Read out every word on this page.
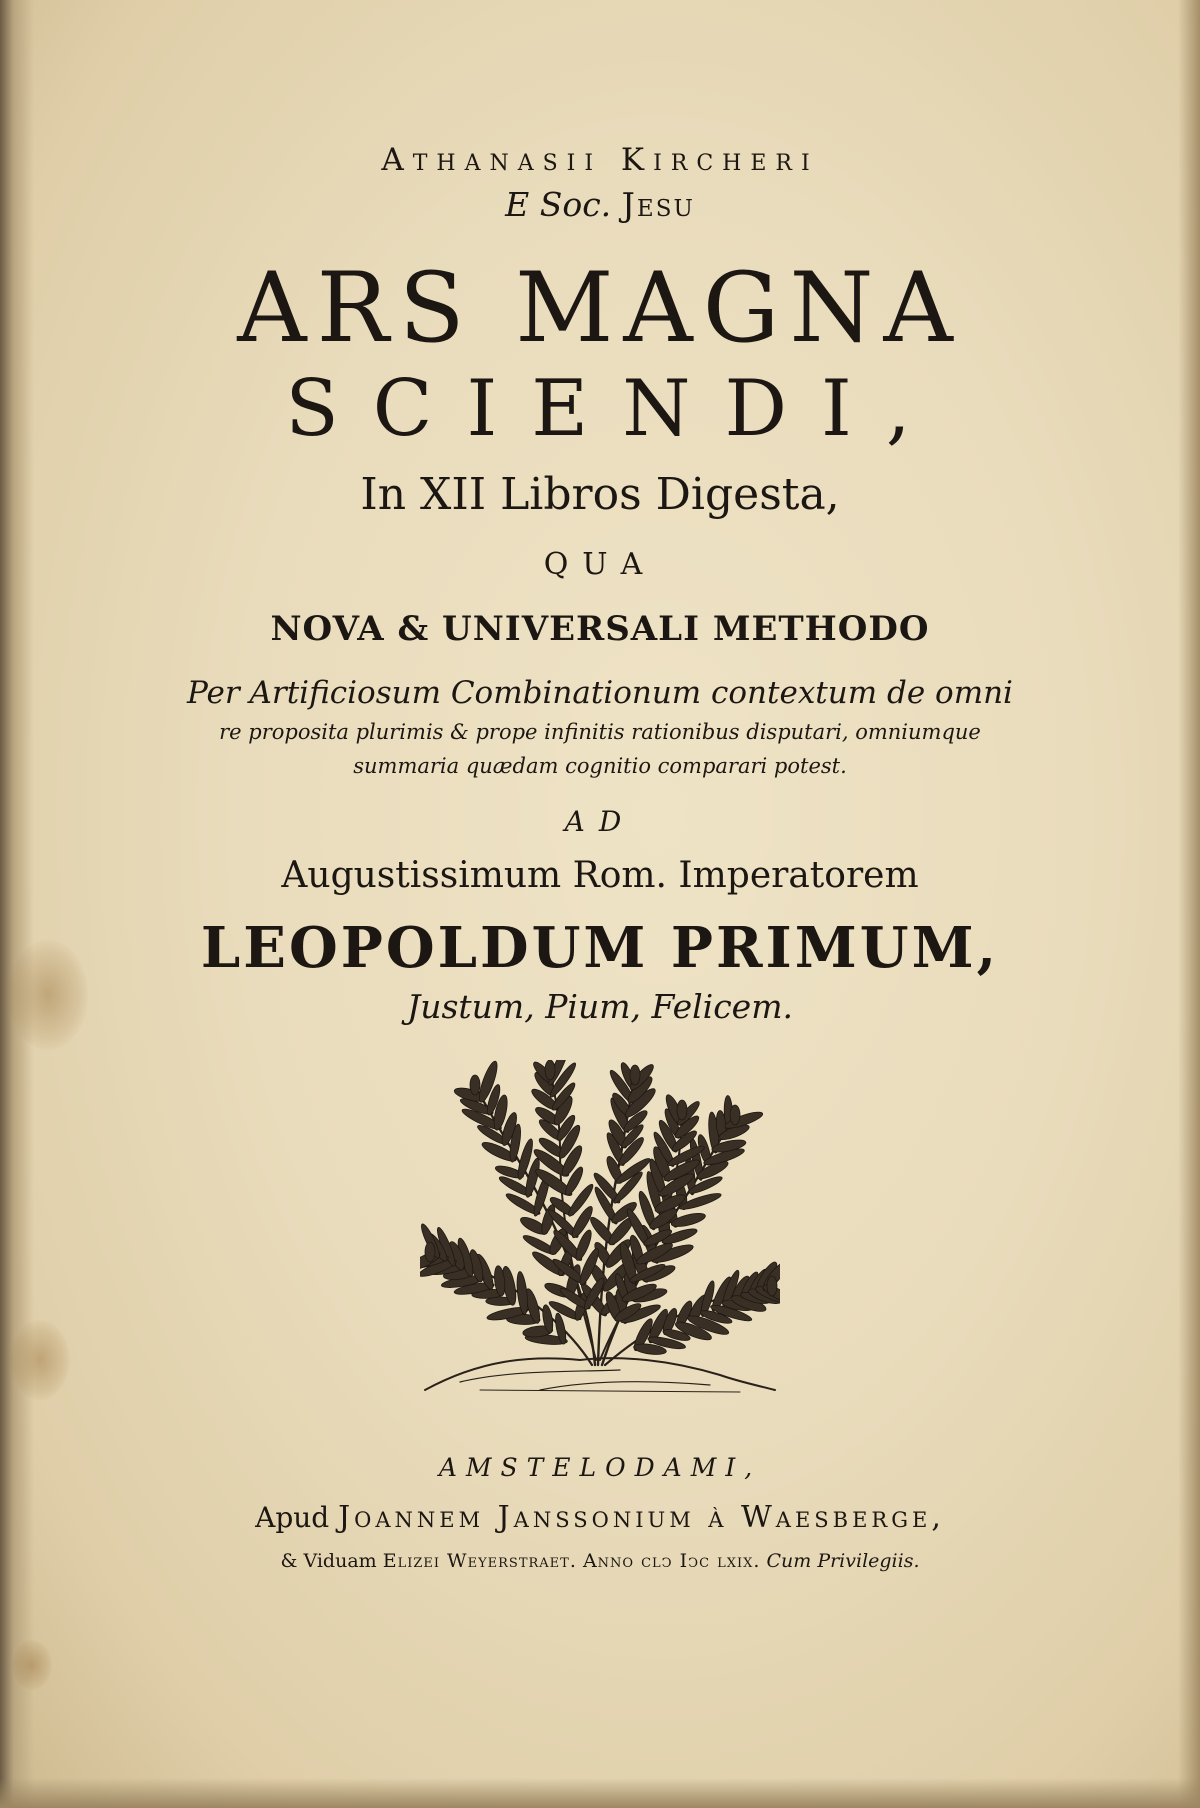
Athanasii Kircheri
E Soc. Jesu
ARS MAGNA
SCIENDI,
In XII Libros Digesta,
QUA
NOVA & UNIVERSALI METHODO
Per Artificiosum Combinationum contextum de omni
re proposita plurimis & prope infinitis rationibus disputari, omniumque
summaria quædam cognitio comparari potest.
AD
Augustissimum Rom. Imperatorem
LEOPOLDUM PRIMUM,
Justum, Pium, Felicem.
AMSTELODAMI,
Apud Joannem Janssonium à Waesberge,
& Viduam Elizei Weyerstraet. Anno clↄ Iↄc lxix. Cum Privilegiis.
